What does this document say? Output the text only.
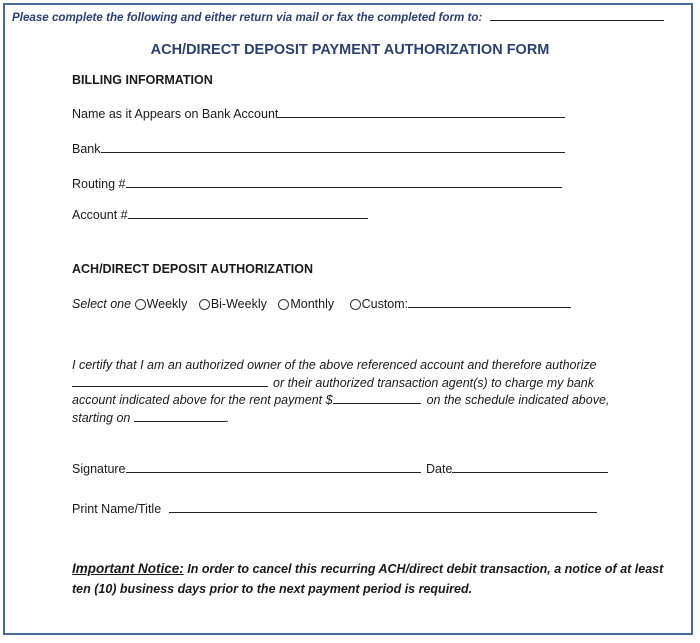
Please complete the following and either return via mail or fax the completed form to:
ACH/DIRECT DEPOSIT PAYMENT AUTHORIZATION FORM
BILLING INFORMATION
Name as it Appears on Bank Account
Bank
Routing #
Account #
ACH/DIRECT DEPOSIT AUTHORIZATION
Select one Weekly Bi-Weekly Monthly Custom:
I certify that I am an authorized owner of the above referenced account and therefore authorize
or their authorized transaction agent(s) to charge my bank
account indicated above for the rent payment $	on the schedule indicated above,
starting on	.
Signature	Date
Print Name/Title
Important Notice: In order to cancel this recurring ACH/direct debit transaction, a notice of at least ten (10) business days prior to the next payment period is required.
